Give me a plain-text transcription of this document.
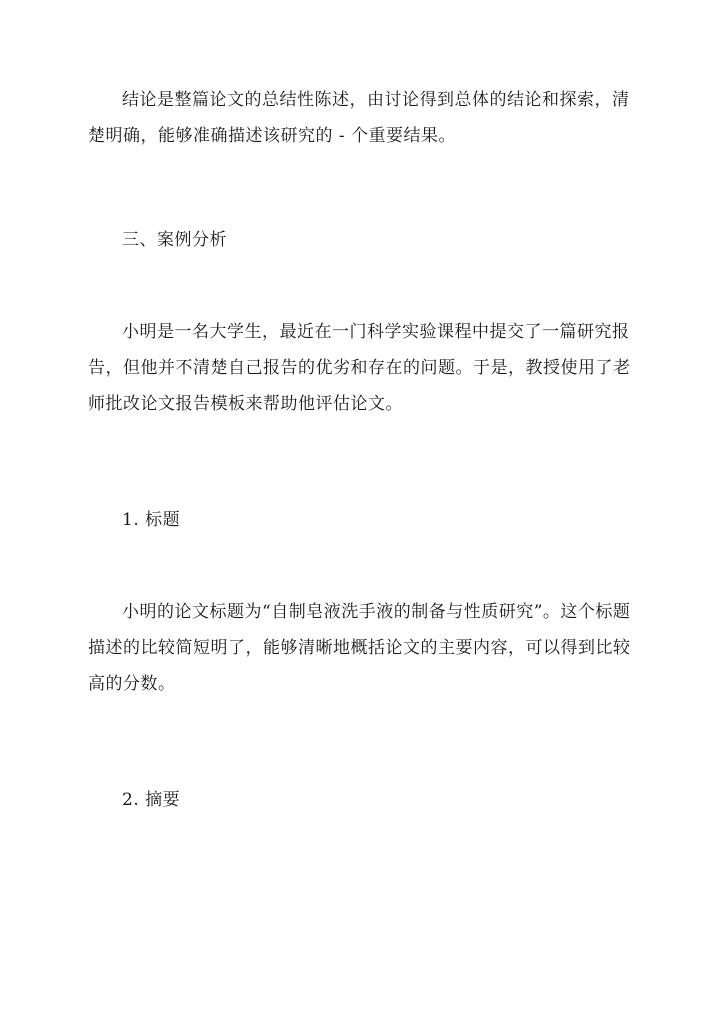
结论是整篇论文的总结性陈述，由讨论得到总体的结论和探索，清楚明确，能够准确描述该研究的 - 个重要结果。

三、案例分析

小明是一名大学生，最近在一门科学实验课程中提交了一篇研究报告，但他并不清楚自己报告的优劣和存在的问题。于是，教授使用了老师批改论文报告模板来帮助他评估论文。

1. 标题

小明的论文标题为“自制皂液洗手液的制备与性质研究”。这个标题描述的比较简短明了，能够清晰地概括论文的主要内容，可以得到比较高的分数。

2. 摘要
